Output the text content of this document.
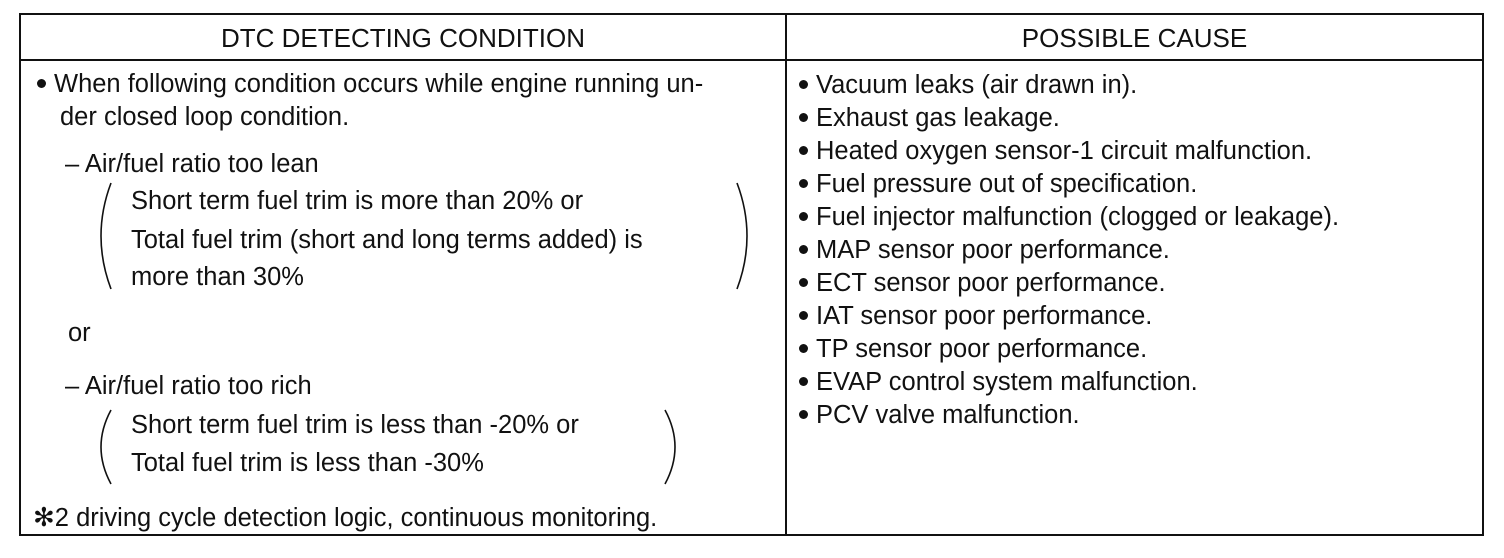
DTC DETECTING CONDITION	POSSIBLE CAUSE
When following condition occurs while engine running un-
der closed loop condition.
– Air/fuel ratio too lean
Short term fuel trim is more than 20% or
Total fuel trim (short and long terms added) is
more than 30%
or
– Air/fuel ratio too rich
Short term fuel trim is less than -20% or
Total fuel trim is less than -30%
✻2 driving cycle detection logic, continuous monitoring.
Vacuum leaks (air drawn in).
Exhaust gas leakage.
Heated oxygen sensor-1 circuit malfunction.
Fuel pressure out of specification.
Fuel injector malfunction (clogged or leakage).
MAP sensor poor performance.
ECT sensor poor performance.
IAT sensor poor performance.
TP sensor poor performance.
EVAP control system malfunction.
PCV valve malfunction.
